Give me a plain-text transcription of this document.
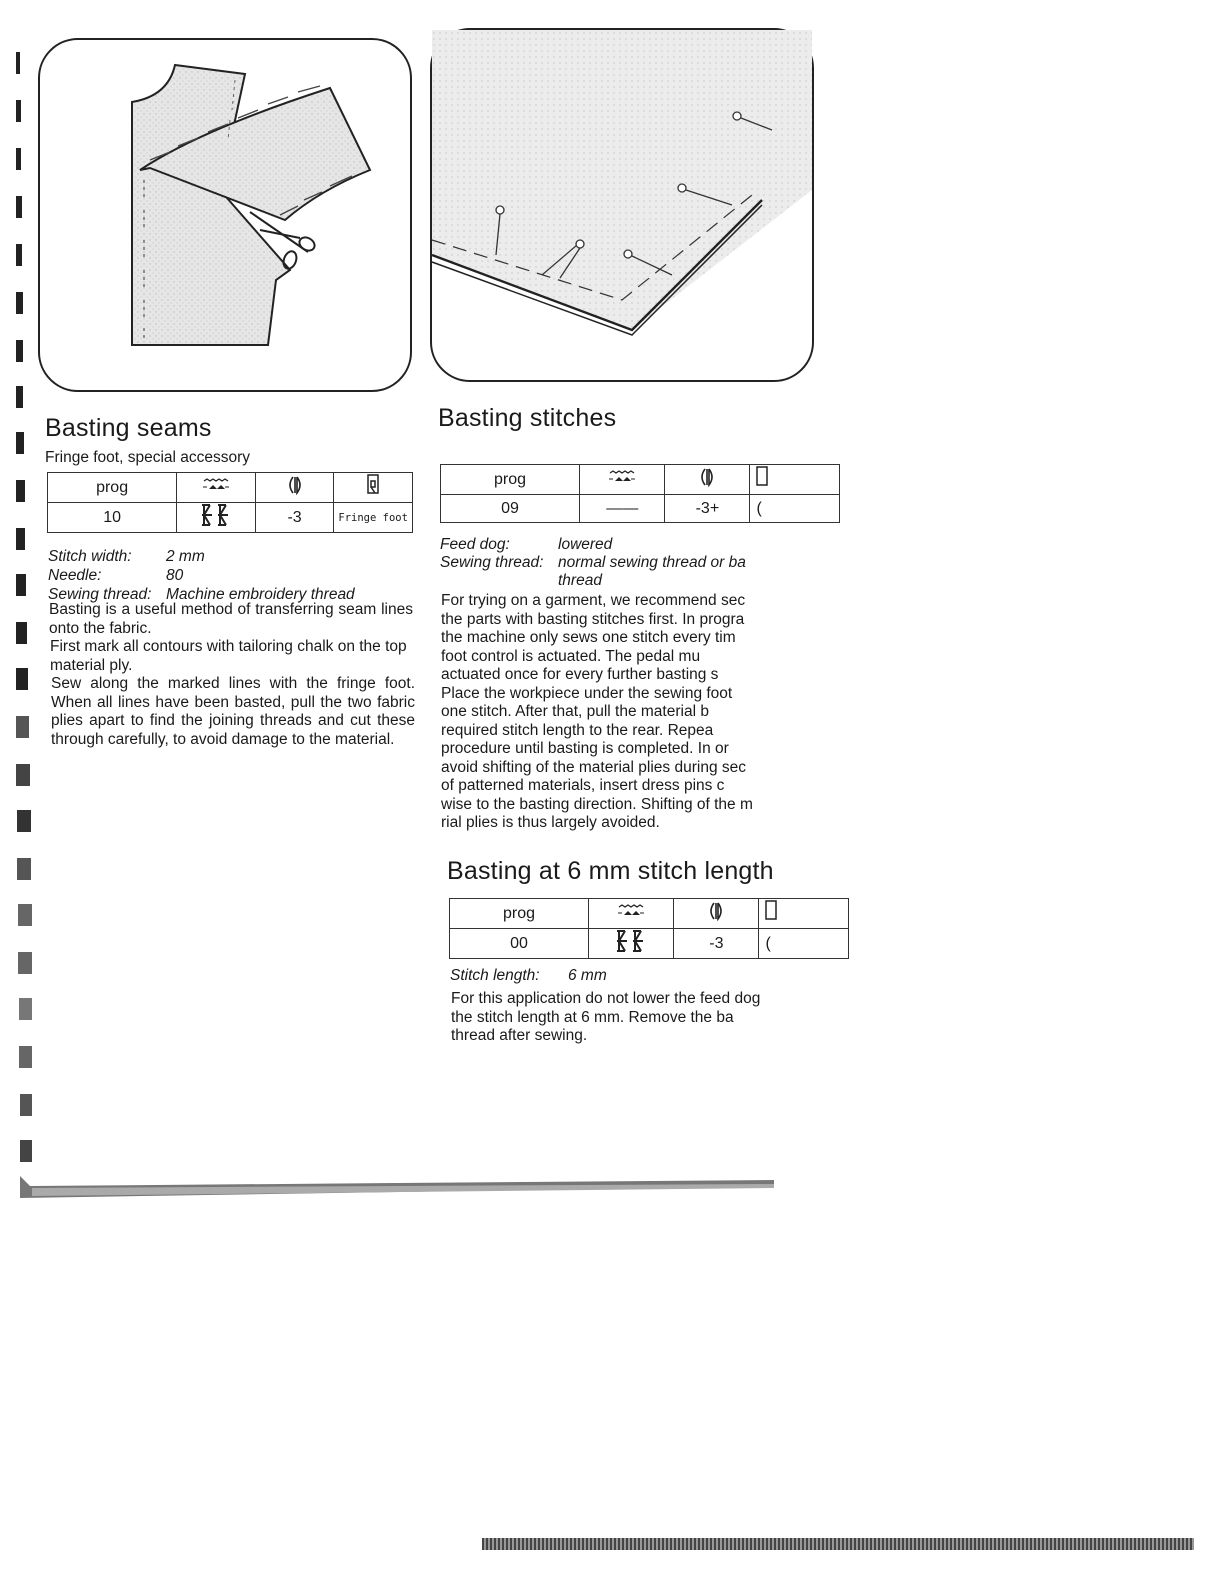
Basting seams

Fringe foot, special accessory

prog			
10		-3	Fringe foot
Stitch width: 2 mm
Needle:	80
Sewing thread: Machine embroidery thread

Basting is a useful method of transferring seam lines onto the fabric.

First mark all contours with tailoring chalk on the top material ply.

Sew along the marked lines with the fringe foot. When all lines have been basted, pull the two fabric plies apart to find the joining threads and cut these through carefully, to avoid damage to the material.

Basting stitches
prog			
09	——	-3+	(
Feed dog:	lowered
Sewing thread: normal sewing thread or ba
thread
For trying on a garment, we recommend sec
the parts with basting stitches first. In progra
the machine only sews one stitch every tim
foot control is actuated. The pedal mu
actuated once for every further basting s
Place the workpiece under the sewing foot
one stitch. After that, pull the material b
required stitch length to the rear. Repea
procedure until basting is completed. In or
avoid shifting of the material plies during sec
of patterned materials, insert dress pins c
wise to the basting direction. Shifting of the m
rial plies is thus largely avoided.
Basting at 6 mm stitch length
prog			
00		-3	(
Stitch length: 6 mm
For this application do not lower the feed dog
the stitch length at 6 mm. Remove the ba
thread after sewing.
